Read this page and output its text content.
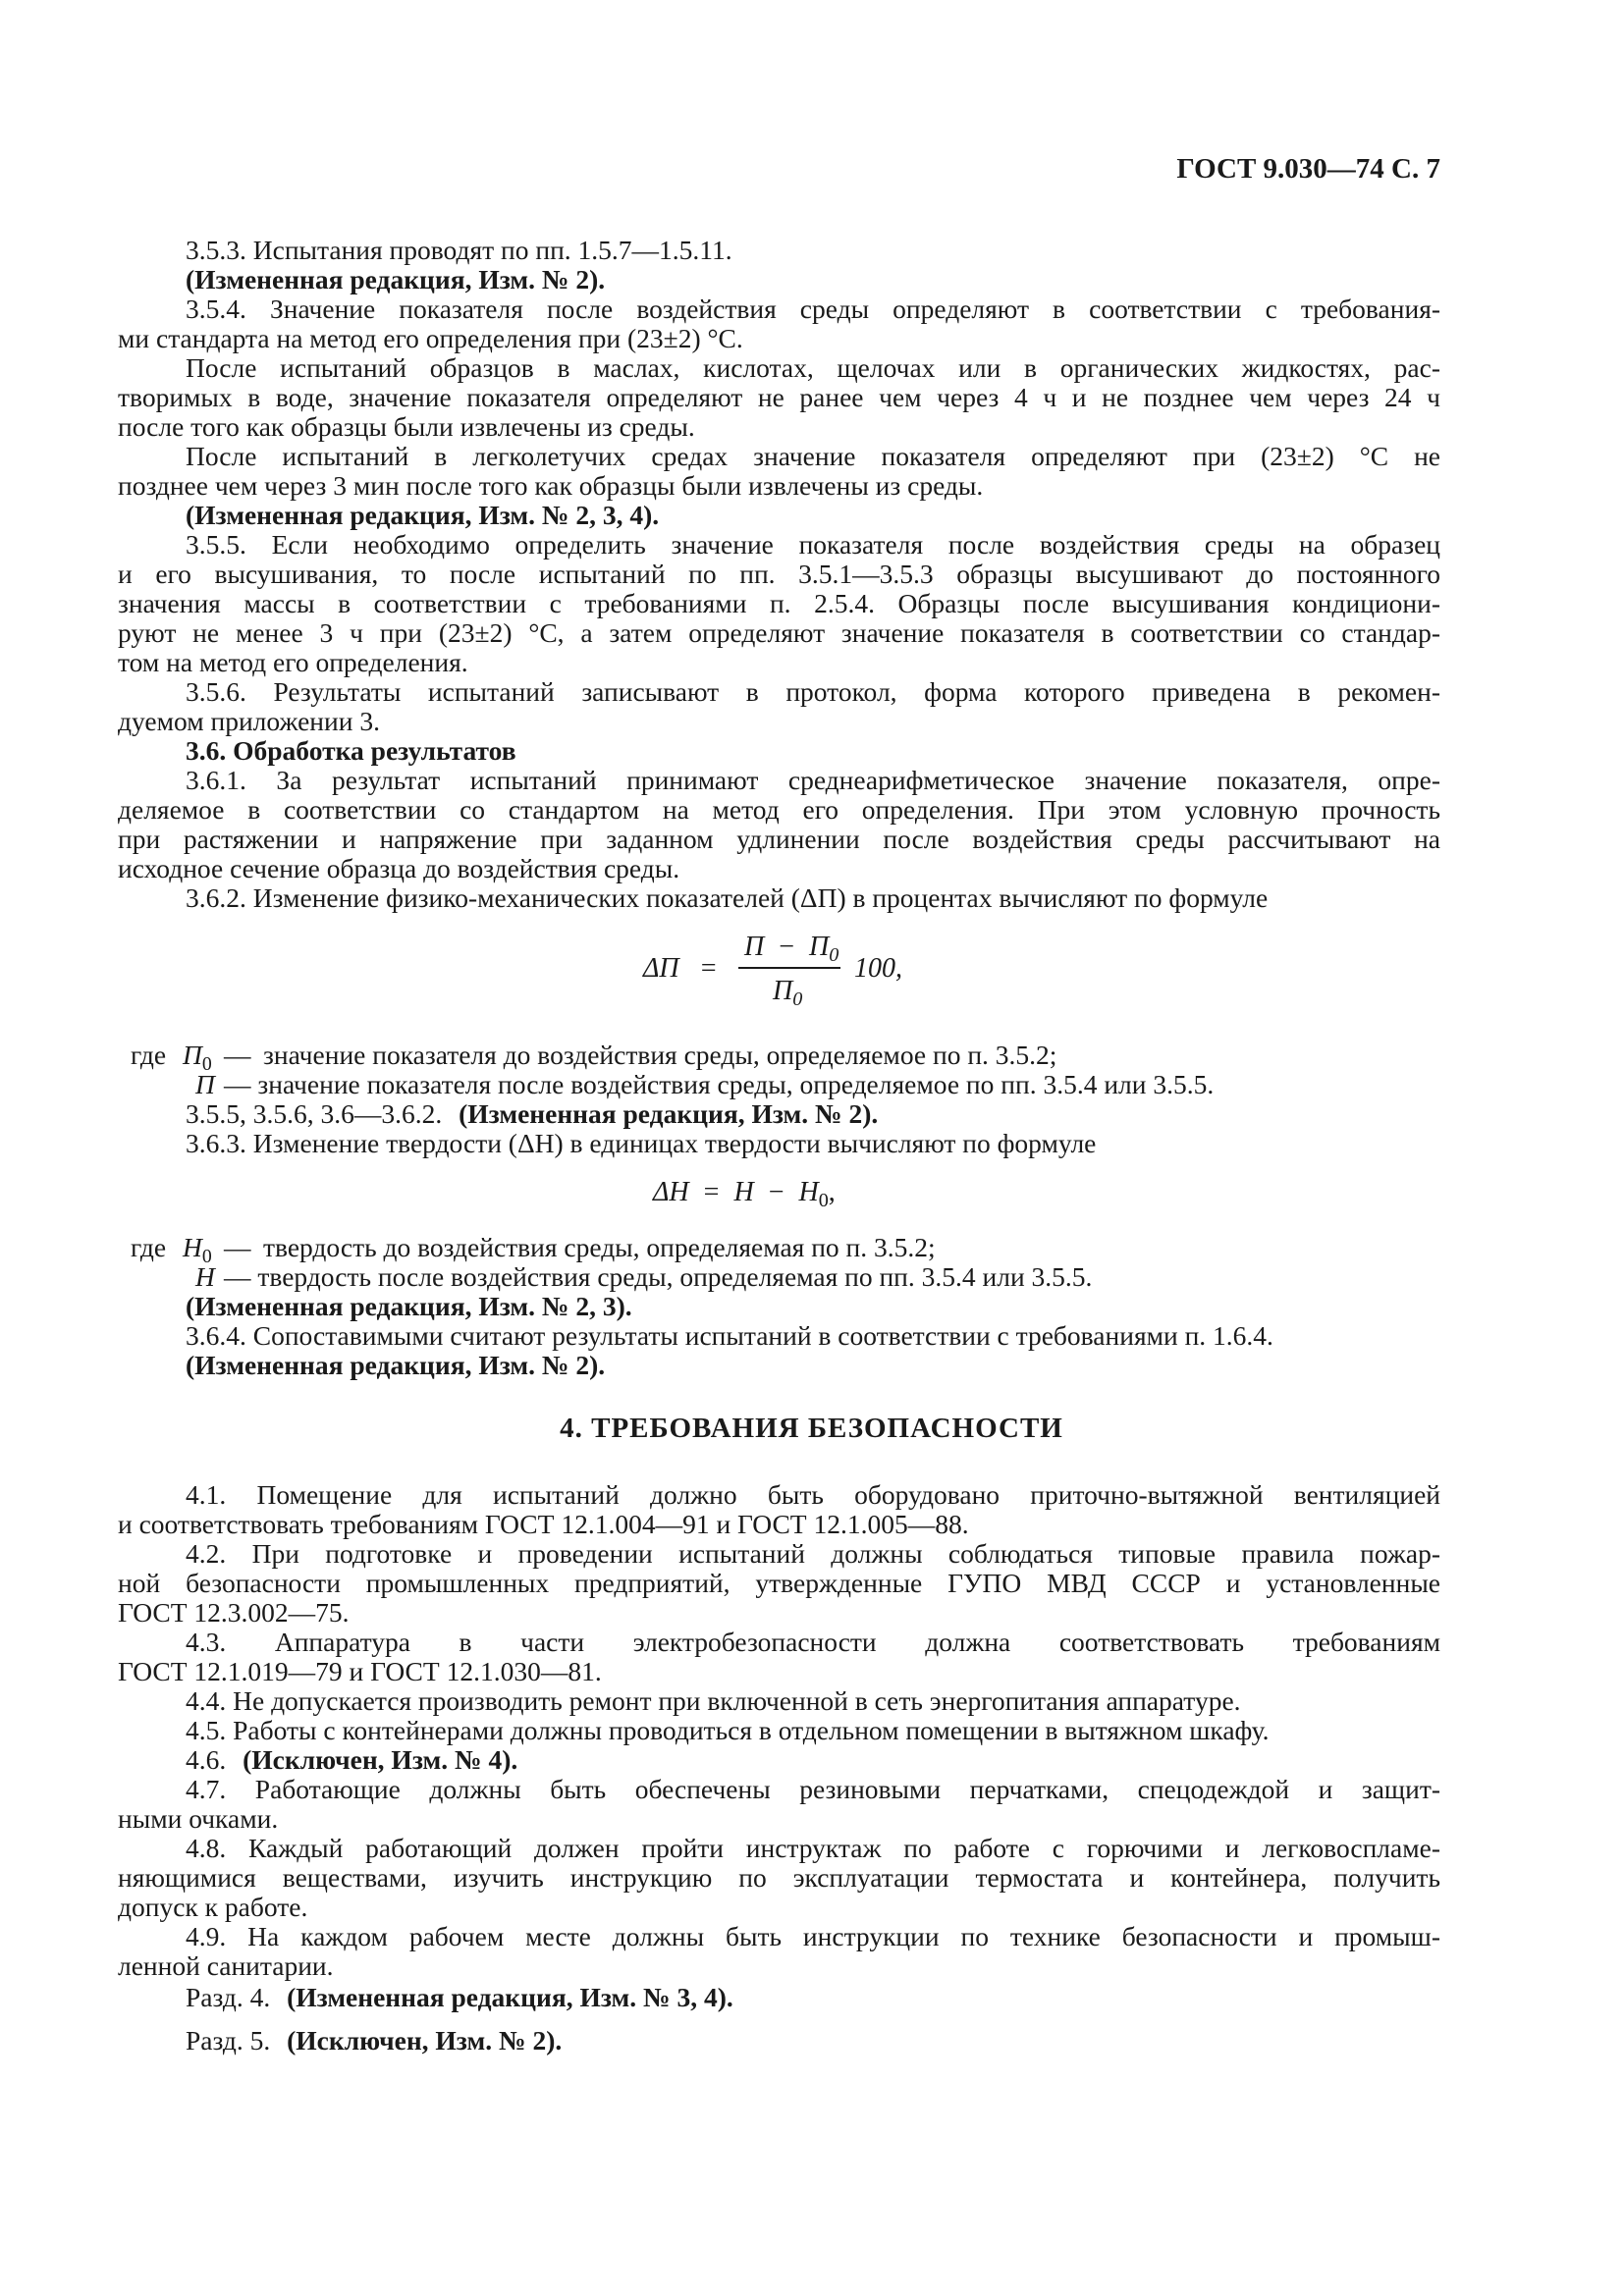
ГОСТ 9.030—74 С. 7
3.5.3. Испытания проводят по пп. 1.5.7—1.5.11.
(Измененная редакция, Изм. № 2).
3.5.4. Значение показателя после воздействия среды определяют в соответствии с требования-
ми стандарта на метод его определения при (23±2) °С.
После испытаний образцов в маслах, кислотах, щелочах или в органических жидкостях, рас-
творимых в воде, значение показателя определяют не ранее чем через 4 ч и не позднее чем через 24 ч
после того как образцы были извлечены из среды.
После испытаний в легколетучих средах значение показателя определяют при (23±2) °С не
позднее чем через 3 мин после того как образцы были извлечены из среды.
(Измененная редакция, Изм. № 2, 3, 4).
3.5.5. Если необходимо определить значение показателя после воздействия среды на образец
и его высушивания, то после испытаний по пп. 3.5.1—3.5.3 образцы высушивают до постоянного
значения массы в соответствии с требованиями п. 2.5.4. Образцы после высушивания кондициони-
руют не менее 3 ч при (23±2) °С, а затем определяют значение показателя в соответствии со стандар-
том на метод его определения.
3.5.6. Результаты испытаний записывают в протокол, форма которого приведена в рекомен-
дуемом приложении 3.
3.6. Обработка результатов
3.6.1. За результат испытаний принимают среднеарифметическое значение показателя, опре-
деляемое в соответствии со стандартом на метод его определения. При этом условную прочность
при растяжении и напряжение при заданном удлинении после воздействия среды рассчитывают на
исходное сечение образца до воздействия среды.
3.6.2. Изменение физико-механических показателей (ΔП) в процентах вычисляют по формуле
ΔП =
$П - П_0$
$П_0$
100,
где $П_0$ — значение показателя до воздействия среды, определяемое по п. 3.5.2;
П — значение показателя после воздействия среды, определяемое по пп. 3.5.4 или 3.5.5.
3.5.5, 3.5.6, 3.6—3.6.2. (Измененная редакция, Изм. № 2).
3.6.3. Изменение твердости (ΔН) в единицах твердости вычисляют по формуле
$\Delta Н = Н - Н_0$,
где $Н_0$ — твердость до воздействия среды, определяемая по п. 3.5.2;
Н — твердость после воздействия среды, определяемая по пп. 3.5.4 или 3.5.5.
(Измененная редакция, Изм. № 2, 3).
3.6.4. Сопоставимыми считают результаты испытаний в соответствии с требованиями п. 1.6.4.
(Измененная редакция, Изм. № 2).
4. ТРЕБОВАНИЯ БЕЗОПАСНОСТИ
4.1. Помещение для испытаний должно быть оборудовано приточно-вытяжной вентиляцией
и соответствовать требованиям ГОСТ 12.1.004—91 и ГОСТ 12.1.005—88.
4.2. При подготовке и проведении испытаний должны соблюдаться типовые правила пожар-
ной безопасности промышленных предприятий, утвержденные ГУПО МВД СССР и установленные
ГОСТ 12.3.002—75.
4.3. Аппаратура в части электробезопасности должна соответствовать требованиям
ГОСТ 12.1.019—79 и ГОСТ 12.1.030—81.
4.4. Не допускается производить ремонт при включенной в сеть энергопитания аппаратуре.
4.5. Работы с контейнерами должны проводиться в отдельном помещении в вытяжном шкафу.
4.6. (Исключен, Изм. № 4).
4.7. Работающие должны быть обеспечены резиновыми перчатками, спецодеждой и защит-
ными очками.
4.8. Каждый работающий должен пройти инструктаж по работе с горючими и легковоспламе-
няющимися веществами, изучить инструкцию по эксплуатации термостата и контейнера, получить
допуск к работе.
4.9. На каждом рабочем месте должны быть инструкции по технике безопасности и промыш-
ленной санитарии.
Разд. 4. (Измененная редакция, Изм. № 3, 4).
Разд. 5. (Исключен, Изм. № 2).
